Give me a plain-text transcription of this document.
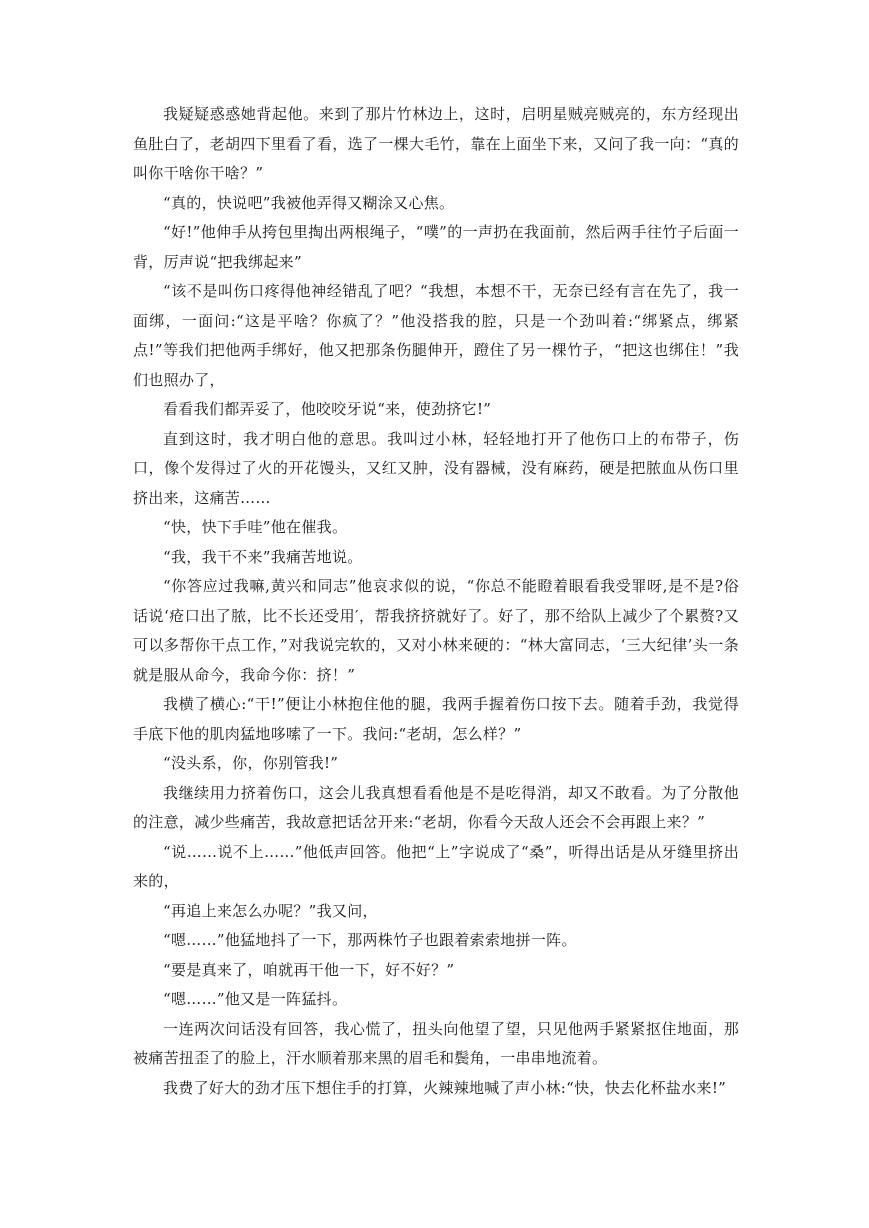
我疑疑惑惑她背起他。来到了那片竹林边上，这时，启明星贼亮贼亮的，东方经现出鱼肚白了，老胡四下里看了看，选了一棵大毛竹，靠在上面坐下来，又问了我一向：“真的叫你干啥你干啥？”

“真的，快说吧”我被他弄得又糊涂又心焦。

“好!”他伸手从挎包里掏出两根绳子，“噗”的一声扔在我面前，然后两手往竹子后面一背，厉声说“把我绑起来”

“该不是叫伤口疼得他神经错乱了吧？“我想，本想不干，无奈已经有言在先了，我一面绑，一面问:“这是平啥？你疯了？”他没搭我的腔，只是一个劲叫着:“绑紧点，绑紧点!”等我们把他两手绑好，他又把那条伤腿伸开，蹬住了另一棵竹子，“把这也绑住！”我们也照办了，

看看我们都弄妥了，他咬咬牙说“来，使劲挤它!”

直到这时，我才明白他的意思。我叫过小林，轻轻地打开了他伤口上的布带子，伤口，像个发得过了火的开花馒头，又红又肿，没有器械，没有麻药，硬是把脓血从伤口里挤出来，这痛苦……

“快，快下手哇”他在催我。

“我，我干不来”我痛苦地说。

“你答应过我嘛,黄兴和同志”他哀求似的说，“你总不能瞪着眼看我受罪呀,是不是?俗话说‘疮口出了脓，比不长还受用′，帮我挤挤就好了。好了，那不给队上减少了个累赘?又可以多帮你干点工作，”对我说完软的，又对小林来硬的：“林大富同志，‘三大纪律’头一条就是服从命今，我命今你：挤！”

我横了横心:“干!”便让小林抱住他的腿，我两手握着伤口按下去。随着手劲，我觉得手底下他的肌肉猛地哆嗦了一下。我问:“老胡，怎么样？”

“没头系，你，你别管我!”

我继续用力挤着伤口，这会儿我真想看看他是不是吃得消，却又不敢看。为了分散他的注意，减少些痛苦，我故意把话岔开来:“老胡，你看今天敌人还会不会再跟上来？”

“说……说不上……”他低声回答。他把“上”字说成了“桑”，听得出话是从牙缝里挤出来的，

“再追上来怎么办呢？”我又问，

“嗯……”他猛地抖了一下，那两株竹子也跟着索索地拼一阵。

“要是真来了，咱就再干他一下，好不好？”

“嗯……”他又是一阵猛抖。

一连两次问话没有回答，我心慌了，扭头向他望了望，只见他两手紧紧抠住地面，那被痛苦扭歪了的脸上，汗水顺着那来黑的眉毛和鬓角，一串串地流着。

我费了好大的劲才压下想住手的打算，火辣辣地喊了声小林:“快，快去化杯盐水来!”
